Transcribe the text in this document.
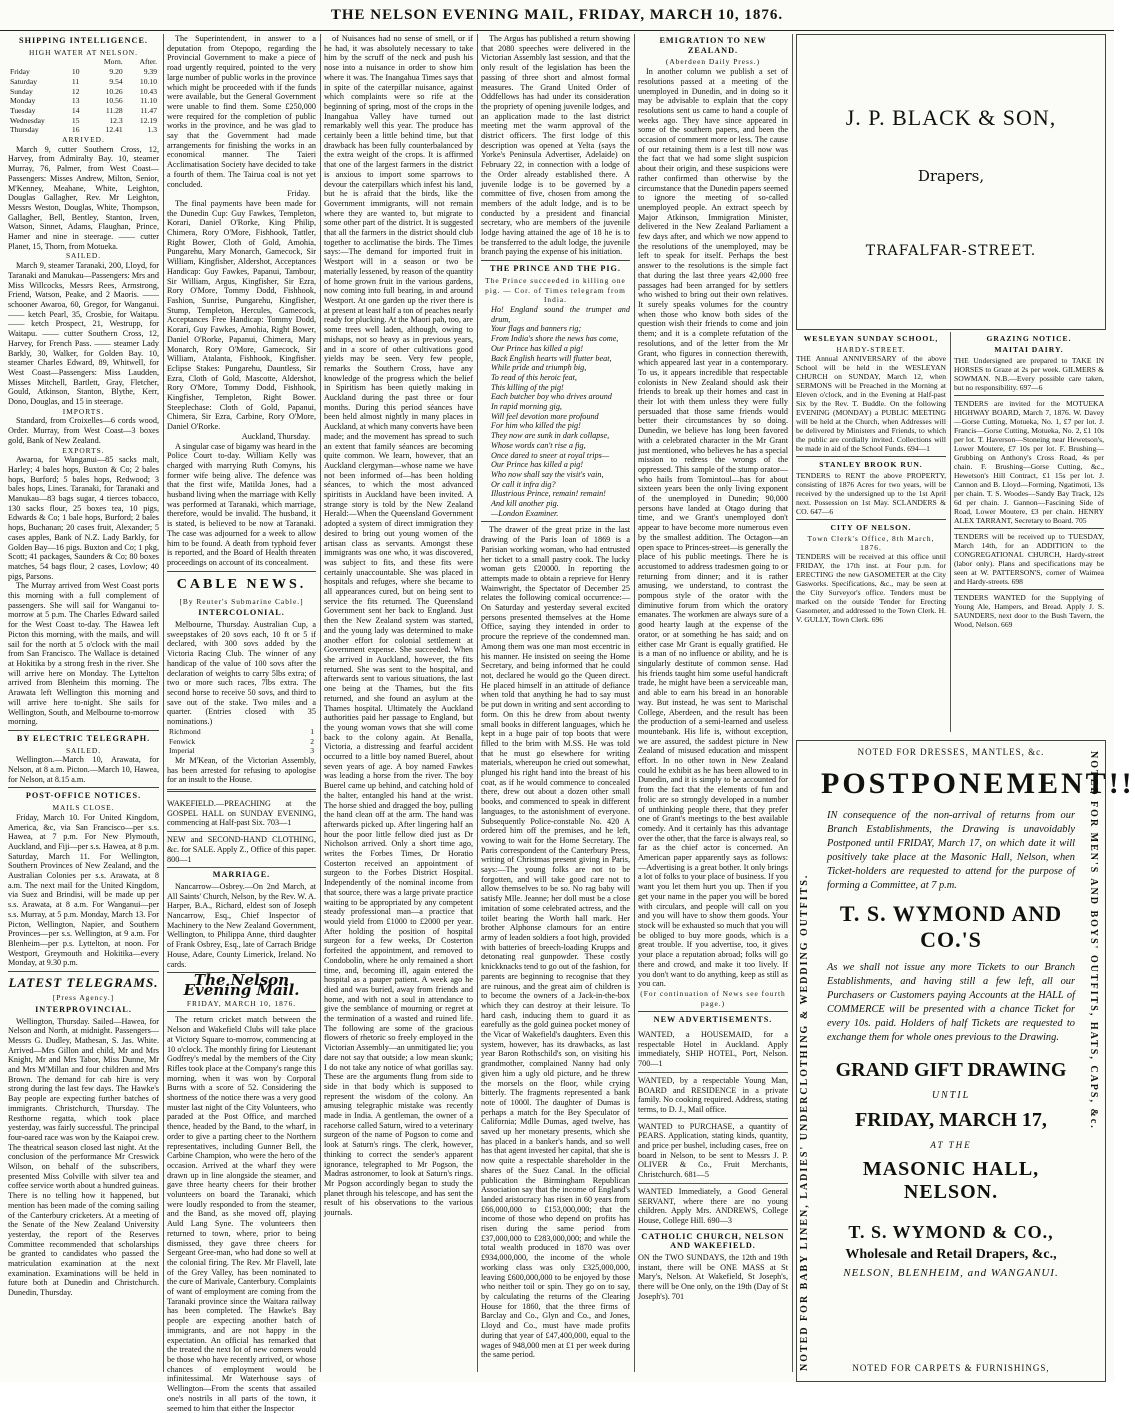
THE NELSON EVENING MAIL, FRIDAY, MARCH 10, 1876.
SHIPPING INTELLIGENCE.
HIGH WATER AT NELSON.
		Morn.	After.
Friday	10	9.20	9.39
Saturday	11	9.54	10.10
Sunday	12	10.26	10.43
Monday	13	10.56	11.10
Tuesday	14	11.28	11.47
Wednesday	15	12.3	12.19
Thursday	16	12.41	1.3
ARRIVED.

March 9, cutter Southern Cross, 12, Harvey, from Admiralty Bay. 10, steamer Murray, 76, Palmer, from West Coast—Passengers: Misses Andrew, Milton, Senior, M'Kenney, Meahane, White, Leighton, Douglas Gallagher, Rev. Mr Leighton, Messrs Weston, Douglas, White, Thompson, Gallagher, Bell, Bentley, Stanton, Irven, Watson, Sinnet, Adams, Flaughan, Prince, Hamer and nine in steerage. —— cutter Planet, 15, Thorn, from Motueka.

SAILED.

March 9, steamer Taranaki, 200, Lloyd, for Taranaki and Manukau—Passengers: Mrs and Miss Willcocks, Messrs Rees, Armstrong, Friend, Watson, Peake, and 2 Maoris. —— schooner Awaroa, 60, Gregor, for Wanganui. —— ketch Pearl, 35, Crosbie, for Waitapu. —— ketch Prospect, 21, Westrupp, for Waitapu. —— cutter Southern Cross, 12, Harvey, for French Pass. —— steamer Lady Barkly, 30, Walker, for Golden Bay. 10, steamer Charles Edward, 89, Whitwell, for West Coast—Passengers: Miss Laudden, Misses Mitchell, Bartlett, Gray, Fletcher, Gould, Atkinson, Stanton, Blythe, Kerr, Dono, Douglas, and 15 in steerage.

IMPORTS.

Standard, from Croixelles—6 cords wood, Order. Murray, from West Coast—3 boxes gold, Bank of New Zealand.

EXPORTS.

Awaroa, for Wanganui—85 sacks malt, Harley; 4 bales hops, Buxton & Co; 2 bales hops, Burford; 5 bales hops, Redwood; 3 bales hops, Lines. Taranaki, for Taranaki and Manukau—83 bags sugar, 4 tierces tobacco, 130 sacks flour, 25 boxes tea, 10 pigs, Edwards & Co; 1 bale hops, Burford; 2 bales hops, Buchanan; 20 cases fruit, Alexander; 5 cases apples, Bank of N.Z. Lady Barkly, for Golden Bay—16 pigs. Buxton and Co; 1 pkg, Scott; 41 packages, Saunders & Co; 80 boxes matches, 54 bags flour, 2 cases, Lovlow; 40 pigs, Parsons.

The Murray arrived from West Coast ports this morning with a full complement of passengers. She will sail for Wanganui to-morrow at 5 p.m. The Charles Edward sailed for the West Coast to-day. The Hawea left Picton this morning, with the mails, and will sail for the north at 5 o'clock with the mail from San Francisco. The Wallace is detained at Hokitika by a strong fresh in the river. She will arrive here on Monday. The Lyttelton arrived from Blenheim this morning. The Arawata left Wellington this morning and will arrive here to-night. She sails for Wellington, South, and Melbourne to-morrow morning.

BY ELECTRIC TELEGRAPH.
SAILED.

Wellington.—March 10, Arawata, for Nelson, at 8 a.m. Picton.—March 10, Hawea, for Nelson, at 8.15 a.m.

POST-OFFICE NOTICES.
MAILS CLOSE.

Friday, March 10. For United Kingdom, America, &c, via San Francisco—per s.s. Hawea, at 7 p.m. For New Plymouth, Auckland, and Fiji—per s.s. Hawea, at 8 p.m. Saturday, March 11. For Wellington, Southern Provinces of New Zealand, and the Australian Colonies per s.s. Arawata, at 8 a.m. The next mail for the United Kingdom, via Suez and Brindisi, will be made up per s.s. Arawata, at 8 a.m. For Wanganui—per s.s. Murray, at 5 p.m. Monday, March 13. For Picton, Wellington, Napier, and Southern Provinces—per s.s. Wellington, at 9 a.m. For Blenheim—per p.s. Lyttelton, at noon. For Westport, Greymouth and Hokitika—every Monday, at 9.30 p.m.

LATEST TELEGRAMS.
[Press Agency.]
INTERPROVINCIAL.

Wellington, Thursday. Sailed—Hawea, for Nelson and North, at midnight. Passengers—Messrs G. Dudley, Mathesan, S. Jas. White. Arrived—Mrs Gillon and child, Mr and Mrs Knight, Mr and Mrs Tabor, Miss Dunne, Mr and Mrs M'Millan and four children and Mrs Brown. The demand for cab hire is very strong during the last few days. The Hawke's Bay people are expecting further batches of immigrants. Christchurch, Thursday. The Resthorne regatta, which took place yesterday, was fairly successful. The principal four-oared race was won by the Kaiapoi crew. The theatrical season closed last night. At the conclusion of the performance Mr Creswick Wilson, on behalf of the subscribers, presented Miss Colville with silver tea and coffee service worth about a hundred guineas. There is no telling how it happened, but mention has been made of the coming sailing of the Canterbury cricketers. At a meeting of the Senate of the New Zealand University yesterday, the report of the Reserves Committee recommended that scholarships be granted to candidates who passed the matriculation examination at the next examination. Examinations will be held in future both at Dunedin and Christchurch. Dunedin, Thursday.

The Superintendent, in answer to a deputation from Otepopo, regarding the Provincial Government to make a piece of road urgently required, pointed to the very large number of public works in the province which might be proceeded with if the funds were available, but the General Government were unable to find them. Some £250,000 were required for the completion of public works in the province, and he was glad to say that the Government had made arrangements for finishing the works in an economical manner. The Taieri Acclimatisation Society have decided to take a fourth of them. The Tairua coal is not yet concluded.

Friday.

The final payments have been made for the Dunedin Cup: Guy Fawkes, Templeton, Korari, Daniel O'Rorke, King Philip, Chimera, Rory O'More, Fishhook, Tattler, Right Bower, Cloth of Gold, Amohia, Pungarehu, Mary Monarch, Gamecock, Sir William, Kingfisher, Aldershot, Acceptances Handicap: Guy Fawkes, Papanui, Tambour, Sir William, Argus, Kingfisher, Sir Ezra, Rory O'More, Tommy Dodd, Fishhook, Fashion, Sunrise, Pungarehu, Kingfisher, Stump, Templeton, Hercules, Gamecock, Acceptances Free Handicap: Tommy Dodd, Korari, Guy Fawkes, Amohia, Right Bower, Daniel O'Rorke, Papanui, Chimera, Mary Monarch, Rory O'More, Gamecock, Sir William, Atalanta, Fishhook, Kingfisher. Eclipse Stakes: Pungarehu, Dauntless, Sir Ezra, Cloth of Gold, Mascotte, Aldershot, Rory O'More, Tommy Dodd, Fishhook, Kingfisher, Templeton, Right Bower. Steeplechase: Cloth of Gold, Papanui, Chimera, Sir Ezra, Carbine, Rory O'More, Daniel O'Rorke.

Auckland, Thursday.

A singular case of bigamy was heard in the Police Court to-day. William Kelly was charged with marrying Ruth Comyns, his former wife being alive. The defence was that the first wife, Matilda Jones, had a husband living when the marriage with Kelly was performed at Taranaki, which marriage, therefore, would be invalid. The husband, it is stated, is believed to be now at Taranaki. The case was adjourned for a week to allow him to be found. A death from typhoid fever is reported, and the Board of Health threaten proceedings on account of its concealment.

CABLE NEWS.
[By Reuter's Submarine Cable.]
INTERCOLONIAL.

Melbourne, Thursday. Australian Cup, a sweepstakes of 20 sovs each, 10 ft or 5 if declared, with 300 sovs added by the Victoria Racing Club. The winner of any handicap of the value of 100 sovs after the declaration of weights to carry 5lbs extra; of two or more such races, 7lbs extra. The second horse to receive 50 sovs, and third to save out of the stake. Two miles and a quarter. (Entries closed with 35 nominations.)

Richmond	1
Fenwick	2
Imperial	3

Mr M'Kean, of the Victorian Assembly, has been arrested for refusing to apologise for an insult to the House.

WAKEFIELD.—PREACHING at the GOSPEL HALL on SUNDAY EVENING, commencing at Half-past Six. 703—1

NEW and SECOND-HAND CLOTHING, &c. for SALE. Apply Z., Office of this paper. 800—1

MARRIAGE.

Nancarrow—Osbrey.—On 2nd March, at All Saints' Church, Nelson, by the Rev. W. A. Harper, B.A., Richard, eldest son of Joseph Nancarrow, Esq., Chief Inspector of Machinery to the New Zealand Government, Wellington, to Philippa Anne, third daughter of Frank Osbrey, Esq., late of Carrach Bridge House, Adare, County Limerick, Ireland. No cards.

The Nelson Evening Mail.
FRIDAY, MARCH 10, 1876.

The return cricket match between the Nelson and Wakefield Clubs will take place at Victory Square to-morrow, commencing at 10 o'clock. The monthly firing for Lieutenant Godfrey's medal by the members of the City Rifles took place at the Company's range this morning, when it was won by Corporal Burns with a score of 52. Considering the shortness of the notice there was a very good muster last night of the City Volunteers, who paraded at the Post Office, and marched thence, headed by the Band, to the wharf, in order to give a parting cheer to the Northern representatives, including Gunner Bell, the Carbine Champion, who were the hero of the occasion. Arrived at the wharf they were drawn up in line alongside the steamer, and gave three hearty cheers for their brother volunteers on board the Taranaki, which were loudly responded to from the steamer, and the Band, as she moved off, playing Auld Lang Syne. The volunteers then returned to town, where, prior to being dismissed, they gave three cheers for Sergeant Gree-man, who had done so well at the colonial firing. The Rev. Mr Flavell, late of the Grey Valley, has been nominated to the cure of Marivale, Canterbury. Complaints of want of employment are coming from the Taranaki province since the Waitara railway has been completed. The Hawke's Bay people are expecting another batch of immigrants, and are not happy in the expectation. An official has remarked that the treated the next lot of new comers would be those who have recently arrived, or whose chances of employment would be infinitessimal. Mr Waterhouse says of Wellington—From the scents that assailed one's nostrils in all parts of the town, it seemed to him that either the Inspector

of Nuisances had no sense of smell, or if he had, it was absolutely necessary to take him by the scruff of the neck and push his nose into a nuisance in order to show him where it was. The Inangahua Times says that in spite of the caterpillar nuisance, against which complaints were so rife at the beginning of spring, most of the crops in the Inangahua Valley have turned out remarkably well this year. The produce has certainly been a little behind time, but that drawback has been fully counterbalanced by the extra weight of the crops. It is affirmed that one of the largest farmers in the district is anxious to import some sparrows to devour the caterpillars which infest his land, but he is afraid that the birds, like the Government immigrants, will not remain where they are wanted to, but migrate to some other part of the district. It is suggested that all the farmers in the district should club together to acclimatise the birds. The Times says:—The demand for imported fruit in Westport will in a season or two be materially lessened, by reason of the quantity of home grown fruit in the various gardens, now coming into full bearing, in and around Westport. At one garden up the river there is at present at least half a ton of peaches nearly ready for plucking. At the Maori pah, too, are some trees well laden, although, owing to mishaps, not so heavy as in previous years, and in a score of other cultivations good yields may be seen. Very few people, remarks the Southern Cross, have any knowledge of the progress which the belief in Spiritism has been quietly making in Auckland during the past three or four months. During this period séances have been held almost nightly in many places in Auckland, at which many converts have been made; and the movement has spread to such an extent that family séances are becoming quite common. We learn, however, that an Auckland clergyman—whose name we have not been informed of—has been holding séances, to which the most advanced spiritists in Auckland have been invited. A strange story is told by the New Zealand Herald:—When the Queensland Government adopted a system of direct immigration they desired to bring out young women of the artisan class as servants. Amongst these immigrants was one who, it was discovered, was subject to fits, and these fits were certainly unaccountable. She was placed in hospitals and refuges, where she became to all appearances cured, but on being sent to service the fits returned. The Queensland Government sent her back to England. Just then the New Zealand system was started, and the young lady was determined to make another effort for colonial settlement at Government expense. She succeeded. When she arrived in Auckland, however, the fits returned. She was sent to the hospital, and afterwards sent to various situations, the last one being at the Thames, but the fits returned, and she found an asylum at the Thames hospital. Ultimately the Auckland authorities paid her passage to England, but the young woman vows that she will come back to the colony again. At Benalla, Victoria, a distressing and fearful accident occurred to a little boy named Buerel, about seven years of age. A boy named Fawkes was leading a horse from the river. The boy Buerel came up behind, and catching hold of the halter, entangled his hand at the wrist. The horse shied and dragged the boy, pulling the hand clean off at the arm. The hand was afterwards picked up. After lingering half an hour the poor little fellow died just as Dr Nicholson arrived. Only a short time ago, writes the Forbes Times, Dr Horatio Costerton received an appointment of surgeon to the Forbes District Hospital. Independently of the nominal income from that source, there was a large private practice waiting to be appropriated by any competent steady professional man—a practice that would yield from £1000 to £2000 per year. After holding the position of hospital surgeon for a few weeks, Dr Costerton forfeited the appointment, and removed to Condobolin, where he only remained a short time, and, becoming ill, again entered the hospital as a pauper patient. A week ago he died and was buried, away from friends and home, and with not a soul in attendance to give the semblance of mourning or regret at the termination of a wasted and ruined life. The following are some of the gracious flowers of rhetoric so freely employed in the Victorian Assembly—an unmitigated lie; you dare not say that outside; a low mean skunk; I do not take any notice of what gorillas say. These are the arguments flung from side to side in that body which is supposed to represent the wisdom of the colony. An amusing telegraphic mistake was recently made in India. A gentleman, the owner of a racehorse called Saturn, wired to a veterinary surgeon of the name of Pogson to come and look at Saturn's rings. The clerk, however, thinking to correct the sender's apparent ignorance, telegraphed to Mr Pogson, the Madras astronomer, to look at Saturn's rings. Mr Pogson accordingly began to study the planet through his telescope, and has sent the result of his observations to the various journals.

The Argus has published a return showing that 2080 speeches were delivered in the Victorian Assembly last session, and that the only result of the legislation has been the passing of three short and almost formal measures. The Grand United Order of Oddfellows has had under its consideration the propriety of opening juvenile lodges, and an application made to the last district meeting met the warm approval of the district officers. The first lodge of this description was opened at Yelta (says the Yorke's Peninsula Advertiser, Adelaide) on February 22, in connection with a lodge of the Order already established there. A juvenile lodge is to be governed by a committee of five, chosen from among the members of the adult lodge, and is to be conducted by a president and financial secretary, who are members of the juvenile lodge having attained the age of 18 he is to be transferred to the adult lodge, the juvenile branch paying the expense of his initiation.

THE PRINCE AND THE PIG.
The Prince succeeded in killing one pig. — Cor. of Times telegram from India.

Ho! England sound the trumpet and drum,

Your flags and banners rig;

From India's shore the news has come,

Our Prince has killed a pig!

Back English hearts will flutter beat,

While pride and triumph big,

To read of this heroic feat,

This killing of the pig!

Each butcher boy who drives around

In rapid morning gig,

Will feel devotion more profound

For him who killed the pig!

They now are sunk in dark collapse,

Whose words can't rise a fig,

Once dared to sneer at royal trips—

Our Prince has killed a pig!

Who now shall say the visit's vain,

Or call it infra dig?

Illustrious Prince, remain! remain!

And kill another pig.

—London Examiner.

The drawer of the great prize in the last drawing of the Paris loan of 1869 is a Parisian working woman, who had entrusted her ticket to a small pastry cook. The lucky woman gets £20000. In reporting the attempts made to obtain a reprieve for Henry Wainwright, the Spectator of December 25 relates the following comical occurrence:—On Saturday and yesterday several excited persons presented themselves at the Home Office, saying they intended in order to procure the reprieve of the condemned man. Among them was one man most eccentric in his manner. He insisted on seeing the Home Secretary, and being informed that he could not, declared he would go the Queen direct. He placed himself in an attitude of defiance when told that anything he had to say must be put down in writing and sent according to form. On this he drew from about twenty small books in different languages, which he kept in a huge pair of top boots that were filled to the brim with M.SS. He was told that he must go elsewhere for writing materials, whereupon he cried out somewhat, plunged his right hand into the breast of his coat, as if he would commence to concealed there, drew out about a dozen other small books, and commenced to speak in different languages, to the astonishment of everyone. Subsequently Police-constable No. 420 A ordered him off the premises, and he left, vowing to wait for the Home Secretary. The Paris correspondent of the Canterbury Press, writing of Christmas present giving in Paris, says:—The young folks are not to be forgotten, and will take good care not to allow themselves to be so. No rag baby will satisfy Mlle. Jeanne; her doll must be a close imitation of some celebrated actress, and the toilet bearing the Worth hall mark. Her brother Alphonse clamours for an entire army of leaden soldiers a foot high, provided with batteries of breech-loading Krupps and detonating real gunpowder. These costly knickknacks tend to go out of the fashion, for parents are beginning to recognise that they are ruinous, and the great aim of children is to become the owners of a Jack-in-the-box which they can destroy at their leisure. To hard cash, inducing them to guard it as earefully as the gold guinea pocket money of the Vicar of Wakefield's daughters. Even this system, however, has its drawbacks, as last year Baron Rothschild's son, on visiting his grandmother, complained Nanny had only given him a ugly old picture, and he threw the morsels on the floor, while crying bitterly. The fragments represented a bank note of 1000l. The daughter of Dumas is perhaps a match for the Bey Speculator of California; Mdlle Dumas, aged twelve, has saved up her monetary presents, which she has placed in a banker's hands, and so well has that agent invested her capital, that she is now quite a respectable shareholder in the shares of the Suez Canal. In the official publication the Birmingham Republican Association say that the income of England's landed aristocracy has risen in 60 years from £66,000,000 to £153,000,000; that the income of those who depend on profits has risen during the same period from £37,000,000 to £283,000,000; and while the total wealth produced in 1870 was over £934,000,000, the income of the whole working class was only £325,000,000, leaving £600,000,000 to be enjoyed by those who neither toil or spin. They go on to say, by calculating the returns of the Clearing House for 1860, that the three firms of Barclay and Co., Glyn and Co., and Jones, Lloyd and Co., must have made profits during that year of £47,400,000, equal to the wages of 948,000 men at £1 per week during the same period.

EMIGRATION TO NEW ZEALAND.
(Aberdeen Daily Press.)

In another column we publish a set of resolutions passed at a meeting of the unemployed in Dunedin, and in doing so it may be advisable to explain that the copy resolutions sent us came to hand a couple of weeks ago. They have since appeared in some of the southern papers, and been the occasion of comment more or less. The cause of our retaining them is a lest till now was the fact that we had some slight suspicion about their origin, and these suspicions were rather confirmed than otherwise by the circumstance that the Dunedin papers seemed to ignore the meeting of so-called unemployed people. An extract speech by Major Atkinson, Immigration Minister, delivered in the New Zealand Parliament a few days after, and which we now append to the resolutions of the unemployed, may be left to speak for itself. Perhaps the best answer to the resolutions is the simple fact that during the last three years 42,000 free passages had been arranged for by settlers who wished to bring out their own relatives. It surely speaks volumes for the country when those who know both sides of the question wish their friends to come and join them; and it is a complete refutation of the resolutions, and of the letter from the Mr Grant, who figures in connection therewith, which appeared last year in a contemporary. To us, it appears incredible that respectable colonists in New Zealand should ask their friends to break up their homes and cast in their lot with them unless they were fully persuaded that those same friends would better their circumstances by so doing. Dunedin, we believe has long been favored with a celebrated character in the Mr Grant just mentioned, who believes he has a special mission to redress the wrongs of the oppressed. This sample of the stump orator—who hails from Tomintoul—has for about sixteen years been the only living exponent of the unemployed in Dunedin; 90,000 persons have landed at Otago during that time, and we Grant's unemployed don't appear to have become more numerous even by the smallest addition. The Octagon—an open space to Princes-street—is generally the place of his public meetings. There he is accustomed to address tradesmen going to or returning from dinner; and it is rather amusing, we understand, to contrast the pompous style of the orator with the diminutive forum from which the oratory emanates. The workmen are always sure of a good hearty laugh at the expense of the orator, or at something he has said; and on either case Mr Grant is equally gratified. He is a man of no influence or ability, and he is singularly destitute of common sense. Had his friends taught him some useful handicraft trade, he might have been a serviceable man, and able to earn his bread in an honorable way. But instead, he was sent to Marischal College, Aberdeen, and the result has been the production of a semi-learned and useless mountebank. His life is, without exception, we are assured, the saddest picture in New Zealand of misused education and misspent effort. In no other town in New Zealand could he exhibit as he has been allowed to in Dunedin, and it is simply to be accounted for from the fact that the elements of fun and frolic are so strongly developed in a number of unthinking people there, that they prefer one of Grant's meetings to the best available comedy. And it certainly has this advantage over the other, that the farce is always real, so far as the chief actor is concerned. An American paper apparently says as follows:—Advertising is a great bother. It only brings a lot of folks to your place of business. If you want you let them hurt you up. Then if you get your name in the paper you will be bored with circulars, and people will call on you and you will have to show them goods. Your stock will be exhausted so much that you will be obliged to buy more goods, which is a great trouble. If you advertise, too, it gives your place a reputation abroad; folks will go there and crowd, and make it too lively. If you don't want to do anything, keep as still as you can.

(For continuation of News see fourth page.)
NEW ADVERTISEMENTS.

WANTED, a HOUSEMAID, for a respectable Hotel in Auckland. Apply immediately, SHIP HOTEL, Port, Nelson. 700—1

WANTED, by a respectable Young Man, BOARD and RESIDENCE in a private family. No cooking required. Address, stating terms, to D. J., Mail office.

WANTED to PURCHASE, a quantity of PEARS. Application, stating kinds, quantity, and price per bushel, including cases, free on board in Nelson, to be sent to Messrs J. P. OLIVER & Co., Fruit Merchants, Christchurch. 681—5

WANTED Immediately, a Good General SERVANT, where there are no young children. Apply Mrs. ANDREWS, College House, College Hill. 690—3

CATHOLIC CHURCH, NELSON AND WAKEFIELD.

ON the TWO SUNDAYS, the 12th and 19th instant, there will be ONE MASS at St Mary's, Nelson. At Wakefield, St Joseph's, there will be One only, on the 19th (Day of St Joseph's). 701

J. P. BLACK & SON,
Drapers,
TRAFALFAR-STREET.
WESLEYAN SUNDAY SCHOOL,
HARDY-STREET.

THE Annual ANNIVERSARY of the above School will be held in the WESLEYAN CHURCH on SUNDAY, March 12, when SERMONS will be Preached in the Morning at Eleven o'clock, and in the Evening at Half-past Six by the Rev. T. Buddle. On the following EVENING (MONDAY) a PUBLIC MEETING will be held at the Church, when Addresses will be delivered by Ministers and Friends, to which the public are cordially invited. Collections will be made in aid of the School Funds. 694—1

STANLEY BROOK RUN.

TENDERS to RENT the above PROPERTY, consisting of 1876 Acres for two years, will be received by the undersigned up to the 1st April next. Possession on 1st May. SCLANDERS & CO. 647—6

CITY OF NELSON.
Town Clerk's Office, 8th March, 1876.

TENDERS will be received at this office until FRIDAY, the 17th inst. at Four p.m. for ERECTING the new GASOMETER at the City Gasworks. Specifications, &c., may be seen at the City Surveyor's office. Tenders must be marked on the outside Tender for Erecting Gasometer, and addressed to the Town Clerk. H. V. GULLY, Town Clerk. 696

GRAZING NOTICE.
MAITAI DAIRY.

THE Undersigned are prepared to TAKE IN HORSES to Graze at 2s per week. GILMERS & SOWMAN. N.B.—Every possible care taken, but no responsibility. 697—6

TENDERS are invited for the MOTUEKA HIGHWAY BOARD, March 7, 1876. W. Davey—Gorse Cutting, Motueka, No. 1, £7 per lot. J. Francis—Gorse Cutting, Motueka, No. 2, £1 10s per lot. T. Haverson—Stoneing near Hewetson's, Lower Moutere, £7 10s per lot. F. Brushing—Grubbing on Anthony's Cross Road, 4s per chain. F. Brushing—Gorse Cutting, &c., Hewetson's Hill Contract, £1 15s per lot. J. Cannon and B. Lloyd—Forming, Ngatimoti, 13s per chain. T. S. Woodes—Sandy Bay Track, 12s 6d per chain. J. Gannon—Fascining Side of Road, Lower Moutere, £3 per chain. HENRY ALEX TARRANT, Secretary to Board. 705

TENDERS will be received up to TUESDAY, March 14th, for an ADDITION to the CONGREGATIONAL CHURCH, Hardy-street (labor only). Plans and specifications may be seen at W. PATTERSON'S, corner of Waimea and Hardy-streets. 698

TENDERS WANTED for the Supplying of Young Ale, Hampers, and Bread. Apply J. S. SAUNDERS, next door to the Bush Tavern, the Wood, Nelson. 669

NOTED FOR BABY LINEN, LADIES' UNDERCLOTHING & WEDDING OUTFITS.	NOTED FOR MEN'S AND BOYS' OUTFITS, HATS, CAPS, &c.
NOTED FOR DRESSES, MANTLES, &c.
POSTPONEMENT!!
IN consequence of the non-arrival of returns from our Branch Establishments, the Drawing is unavoidably Postponed until FRIDAY, March 17, on which date it will positively take place at the Masonic Hall, Nelson, when Ticket-holders are requested to attend for the purpose of forming a Committee, at 7 p.m.
T. S. WYMOND AND CO.'S
As we shall not issue any more Tickets to our Branch Establishments, and having still a few left, all our Purchasers or Customers paying Accounts at the HALL of COMMERCE will be presented with a chance Ticket for every 10s. paid. Holders of half Tickets are requested to exchange them for whole ones previous to the Drawing.
GRAND GIFT DRAWING
UNTIL
FRIDAY, MARCH 17,
AT THE
MASONIC HALL, NELSON.
T. S. WYMOND & CO.,
Wholesale and Retail Drapers, &c.,
NELSON, BLENHEIM, and WANGANUI.
NOTED FOR CARPETS & FURNISHINGS,
